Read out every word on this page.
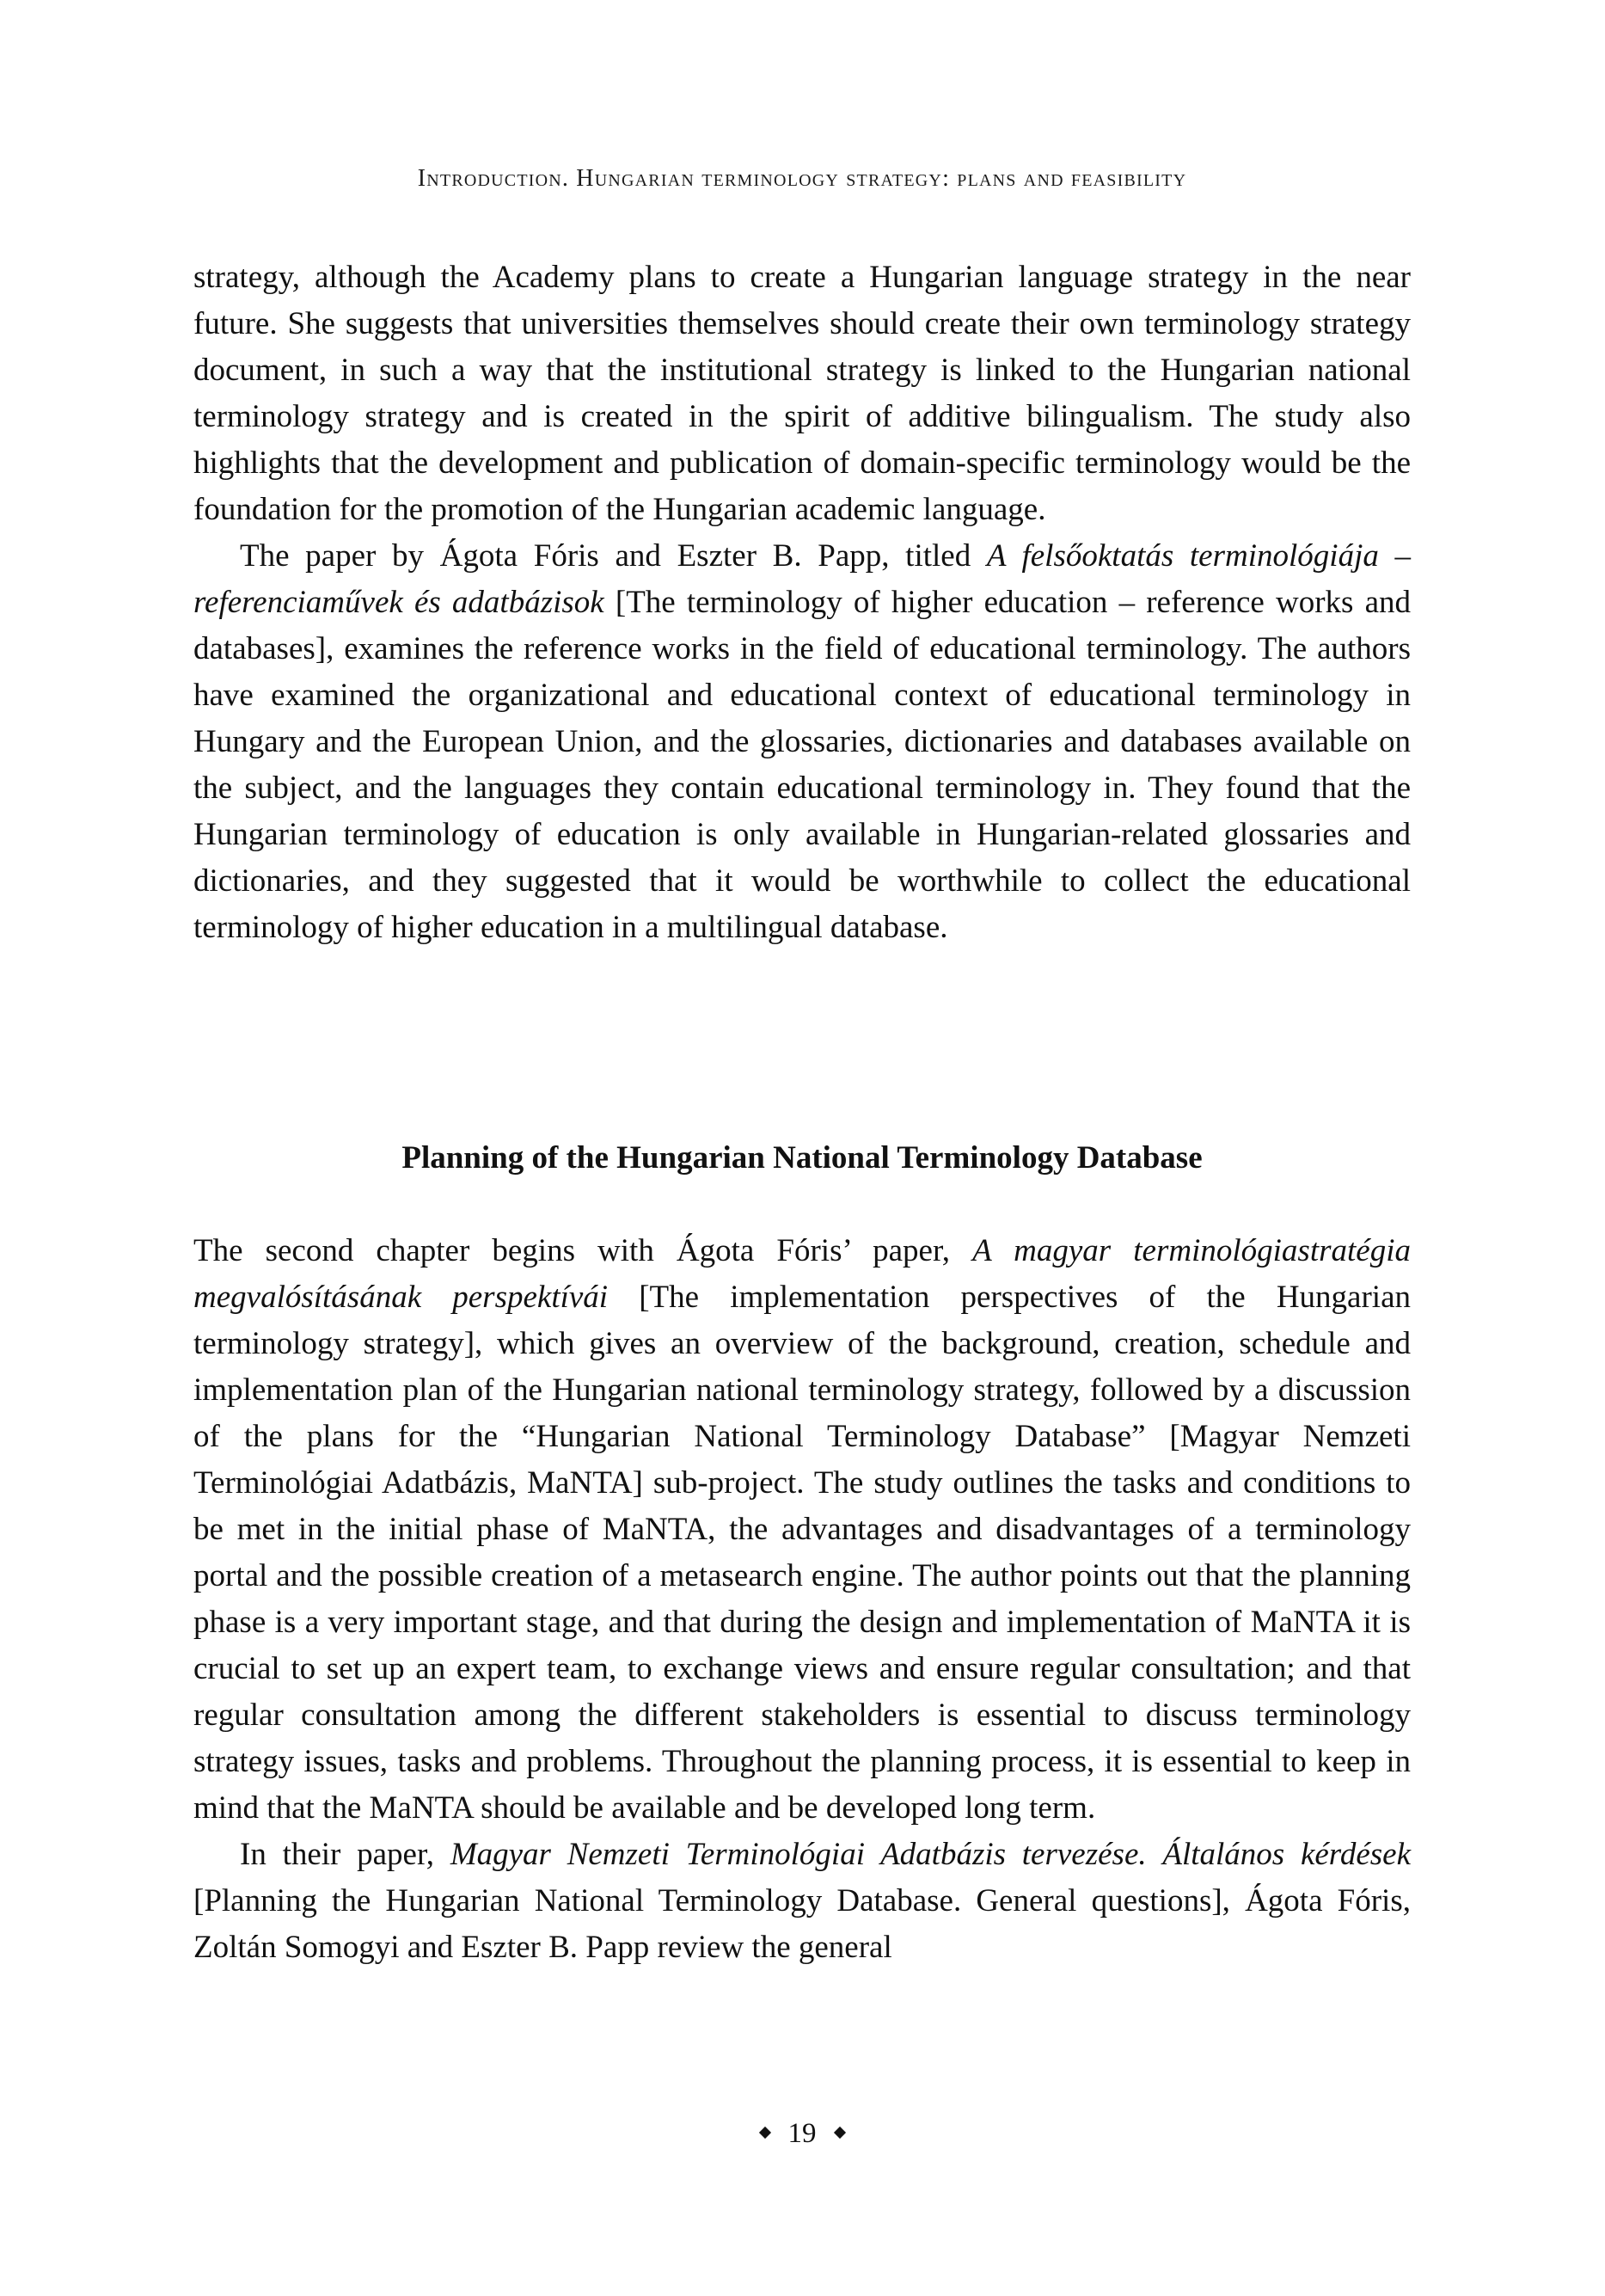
Introduction. Hungarian terminology strategy: plans and feasibility

strategy, although the Academy plans to create a Hungarian language strategy in the near future. She suggests that universities themselves should create their own terminology strategy document, in such a way that the institutional strategy is linked to the Hungarian national terminology strategy and is created in the spirit of additive bilingualism. The study also highlights that the development and publication of domain-specific terminology would be the foundation for the promotion of the Hungarian academic language.

The paper by Ágota Fóris and Eszter B. Papp, titled A felsőoktatás terminológiája – referenciaművek és adatbázisok [The terminology of higher education – reference works and databases], examines the reference works in the field of educational terminology. The authors have examined the organizational and educational context of educational terminology in Hungary and the European Union, and the glossaries, dictionaries and databases available on the subject, and the languages they contain educational terminology in. They found that the Hungarian terminology of education is only available in Hungarian-related glossaries and dictionaries, and they suggested that it would be worthwhile to collect the educational terminology of higher education in a multilingual database.

Planning of the Hungarian National Terminology Database

The second chapter begins with Ágota Fóris’ paper, A magyar terminológiastratégia megvalósításának perspektívái [The implementation perspectives of the Hungarian terminology strategy], which gives an overview of the background, creation, schedule and implementation plan of the Hungarian national terminology strategy, followed by a discussion of the plans for the “Hungarian National Terminology Database” [Magyar Nemzeti Terminológiai Adatbázis, MaNTA] sub-project. The study outlines the tasks and conditions to be met in the initial phase of MaNTA, the advantages and disadvantages of a terminology portal and the possible creation of a metasearch engine. The author points out that the planning phase is a very important stage, and that during the design and implementation of MaNTA it is crucial to set up an expert team, to exchange views and ensure regular consultation; and that regular consultation among the different stakeholders is essential to discuss terminology strategy issues, tasks and problems. Throughout the planning process, it is essential to keep in mind that the MaNTA should be available and be developed long term.

In their paper, Magyar Nemzeti Terminológiai Adatbázis tervezése. Általános kérdések [Planning the Hungarian National Terminology Database. General questions], Ágota Fóris, Zoltán Somogyi and Eszter B. Papp review the general

19
